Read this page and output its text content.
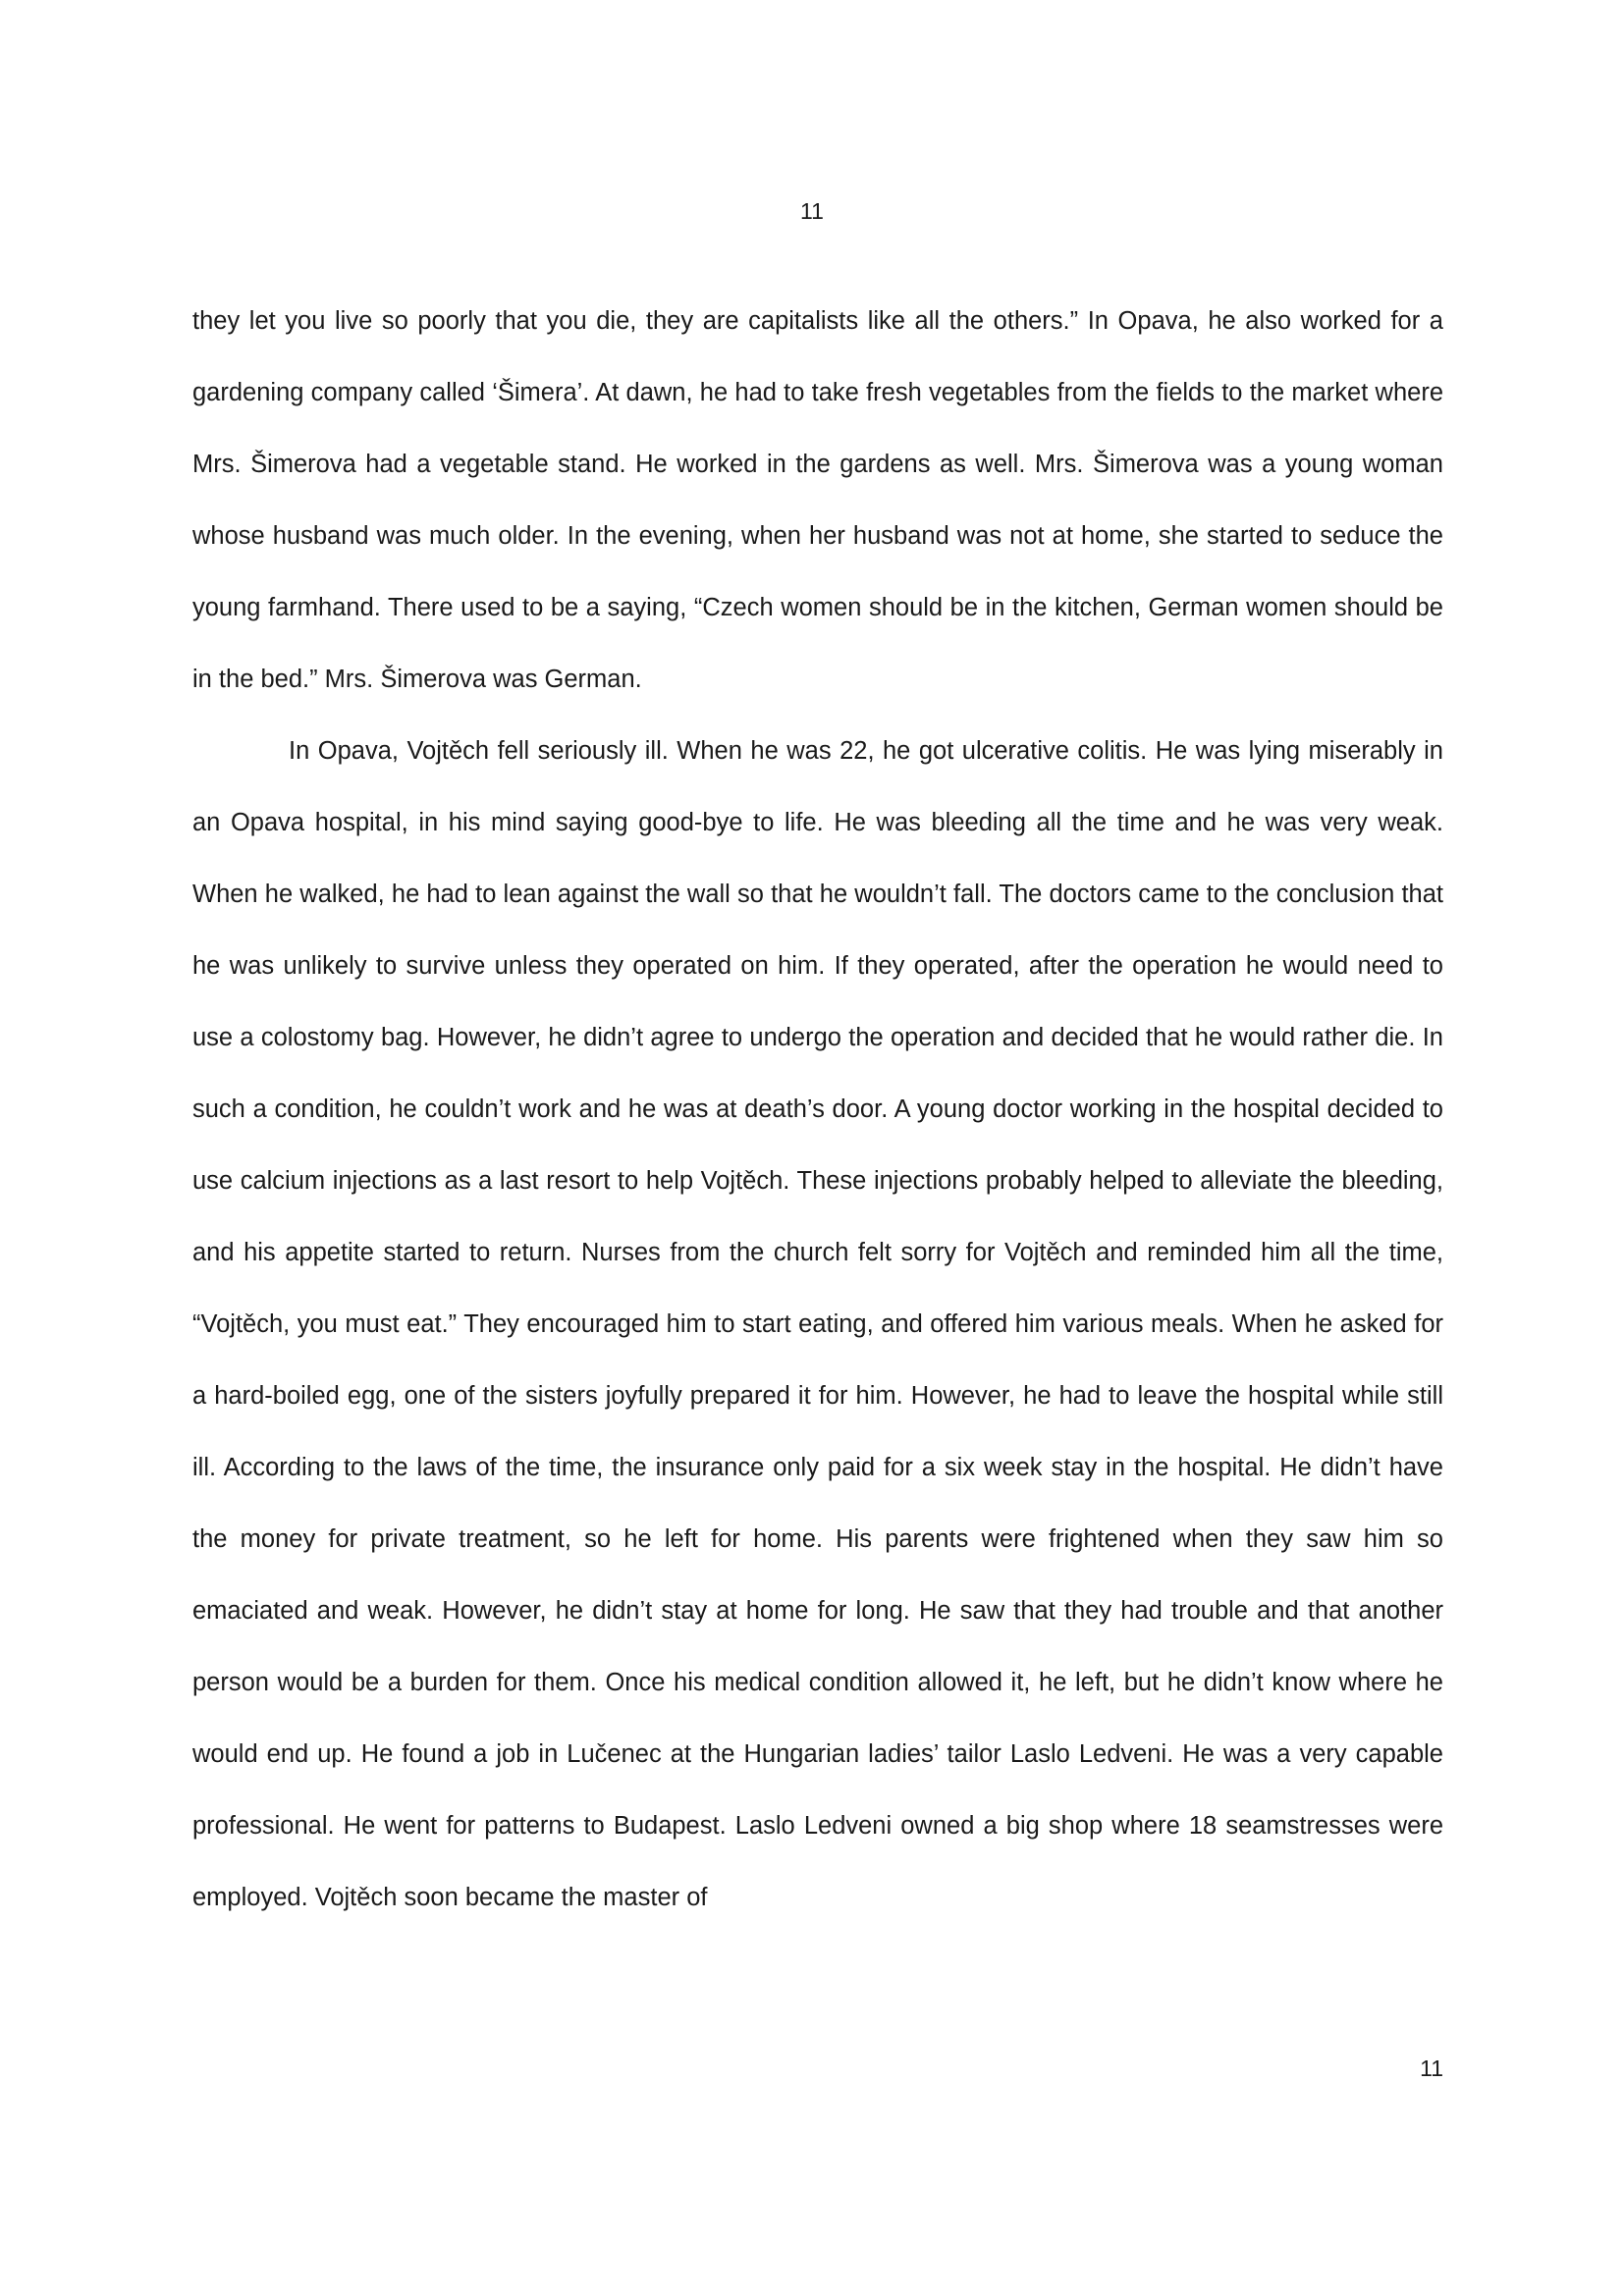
11

they let you live so poorly that you die, they are capitalists like all the others.” In Opava, he also worked for a gardening company called ‘Šimera’. At dawn, he had to take fresh vegetables from the fields to the market where Mrs. Šimerova had a vegetable stand. He worked in the gardens as well. Mrs. Šimerova was a young woman whose husband was much older. In the evening, when her husband was not at home, she started to seduce the young farmhand. There used to be a saying, “Czech women should be in the kitchen, German women should be in the bed.” Mrs. Šimerova was German.

In Opava, Vojtěch fell seriously ill. When he was 22, he got ulcerative colitis. He was lying miserably in an Opava hospital, in his mind saying good-bye to life. He was bleeding all the time and he was very weak. When he walked, he had to lean against the wall so that he wouldn’t fall. The doctors came to the conclusion that he was unlikely to survive unless they operated on him. If they operated, after the operation he would need to use a colostomy bag. However, he didn’t agree to undergo the operation and decided that he would rather die. In such a condition, he couldn’t work and he was at death’s door. A young doctor working in the hospital decided to use calcium injections as a last resort to help Vojtěch. These injections probably helped to alleviate the bleeding, and his appetite started to return. Nurses from the church felt sorry for Vojtěch and reminded him all the time, “Vojtěch, you must eat.” They encouraged him to start eating, and offered him various meals. When he asked for a hard-boiled egg, one of the sisters joyfully prepared it for him. However, he had to leave the hospital while still ill. According to the laws of the time, the insurance only paid for a six week stay in the hospital. He didn’t have the money for private treatment, so he left for home. His parents were frightened when they saw him so emaciated and weak. However, he didn’t stay at home for long. He saw that they had trouble and that another person would be a burden for them. Once his medical condition allowed it, he left, but he didn’t know where he would end up. He found a job in Lučenec at the Hungarian ladies’ tailor Laslo Ledveni. He was a very capable professional. He went for patterns to Budapest. Laslo Ledveni owned a big shop where 18 seamstresses were employed. Vojtěch soon became the master of

11
